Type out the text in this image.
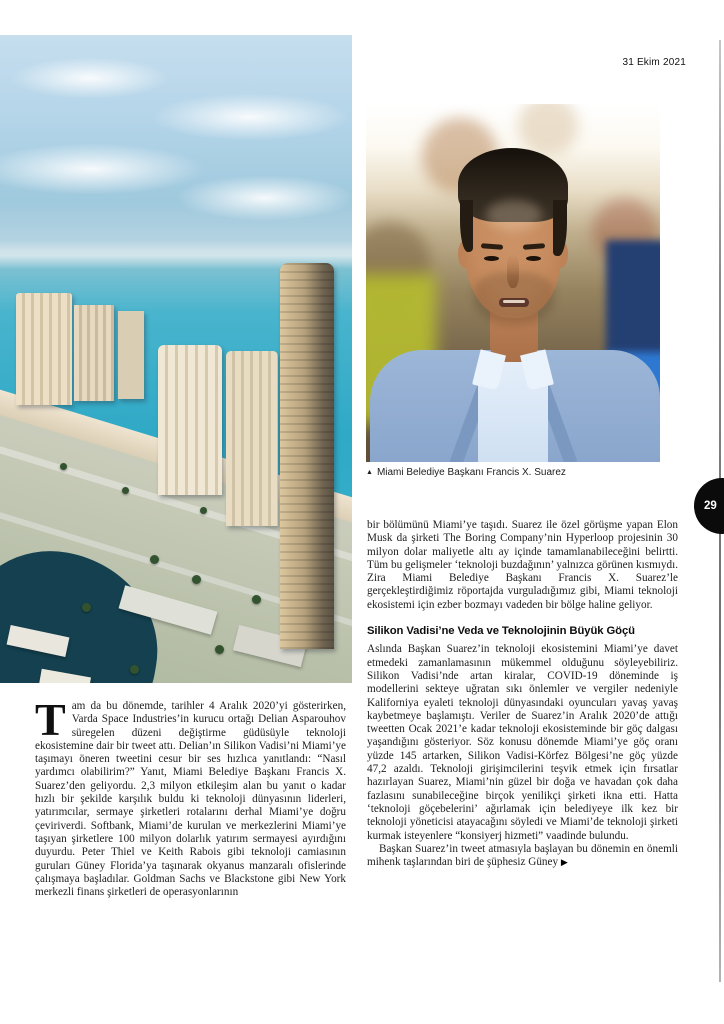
31 Ekim 2021
▲ Miami Belediye Başkanı Francis X. Suarez
29

Tam da bu dönemde, tarihler 4 Aralık 2020’yi gösterirken, Varda Space Industries’in kurucu ortağı Delian Asparouhov süregelen düzeni değiştirme güdüsüyle teknoloji ekosistemine dair bir tweet attı. Delian’ın Silikon Vadisi’ni Miami’ye taşımayı öneren tweetini cesur bir ses hızlıca yanıtlandı: “Nasıl yardımcı olabilirim?” Yanıt, Miami Belediye Başkanı Francis X. Suarez’den geliyordu. 2,3 milyon etkileşim alan bu yanıt o kadar hızlı bir şekilde karşılık buldu ki teknoloji dünyasının liderleri, yatırımcılar, sermaye şirketleri rotalarını derhal Miami’ye doğru çeviriverdi. Softbank, Miami’de kurulan ve merkezlerini Miami’ye taşıyan şirketlere 100 milyon dolarlık yatırım sermayesi ayırdığını duyurdu. Peter Thiel ve Keith Rabois gibi teknoloji camiasının guruları Güney Florida’ya taşınarak okyanus manzaralı ofislerinde çalışmaya başladılar. Goldman Sachs ve Blackstone gibi New York merkezli finans şirketleri de operasyonlarının

bir bölümünü Miami’ye taşıdı. Suarez ile özel görüşme yapan Elon Musk da şirketi The Boring Company’nin Hyperloop projesinin 30 milyon dolar maliyetle altı ay içinde tamamlanabileceğini belirtti. Tüm bu gelişmeler ‘teknoloji buzdağının’ yalnızca görünen kısmıydı. Zira Miami Belediye Başkanı Francis X. Suarez’le gerçekleştirdiğimiz röportajda vurguladığımız gibi, Miami teknoloji ekosistemi için ezber bozmayı vadeden bir bölge haline geliyor.

Silikon Vadisi’ne Veda ve Teknolojinin Büyük Göçü

Aslında Başkan Suarez’in teknoloji ekosistemini Miami’ye davet etmedeki zamanlamasının mükemmel olduğunu söyleyebiliriz. Silikon Vadisi’nde artan kiralar, COVID-19 döneminde iş modellerini sekteye uğratan sıkı önlemler ve vergiler nedeniyle Kaliforniya eyaleti teknoloji dünyasındaki oyuncuları yavaş yavaş kaybetmeye başlamıştı. Veriler de Suarez’in Aralık 2020’de attığı tweetten Ocak 2021’e kadar teknoloji ekosisteminde bir göç dalgası yaşandığını gösteriyor. Söz konusu dönemde Miami’ye göç oranı yüzde 145 artarken, Silikon Vadisi-Körfez Bölgesi’ne göç yüzde 47,2 azaldı. Teknoloji girişimcilerini teşvik etmek için fırsatlar hazırlayan Suarez, Miami’nin güzel bir doğa ve havadan çok daha fazlasını sunabileceğine birçok yenilikçi şirketi ikna etti. Hatta ‘teknoloji göçebelerini’ ağırlamak için belediyeye ilk kez bir teknoloji yöneticisi atayacağını söyledi ve Miami’de teknoloji şirketi kurmak isteyenlere “konsiyerj hizmeti” vaadinde bulundu.

Başkan Suarez’in tweet atmasıyla başlayan bu dönemin en önemli mihenk taşlarından biri de şüphesiz Güney ▶
